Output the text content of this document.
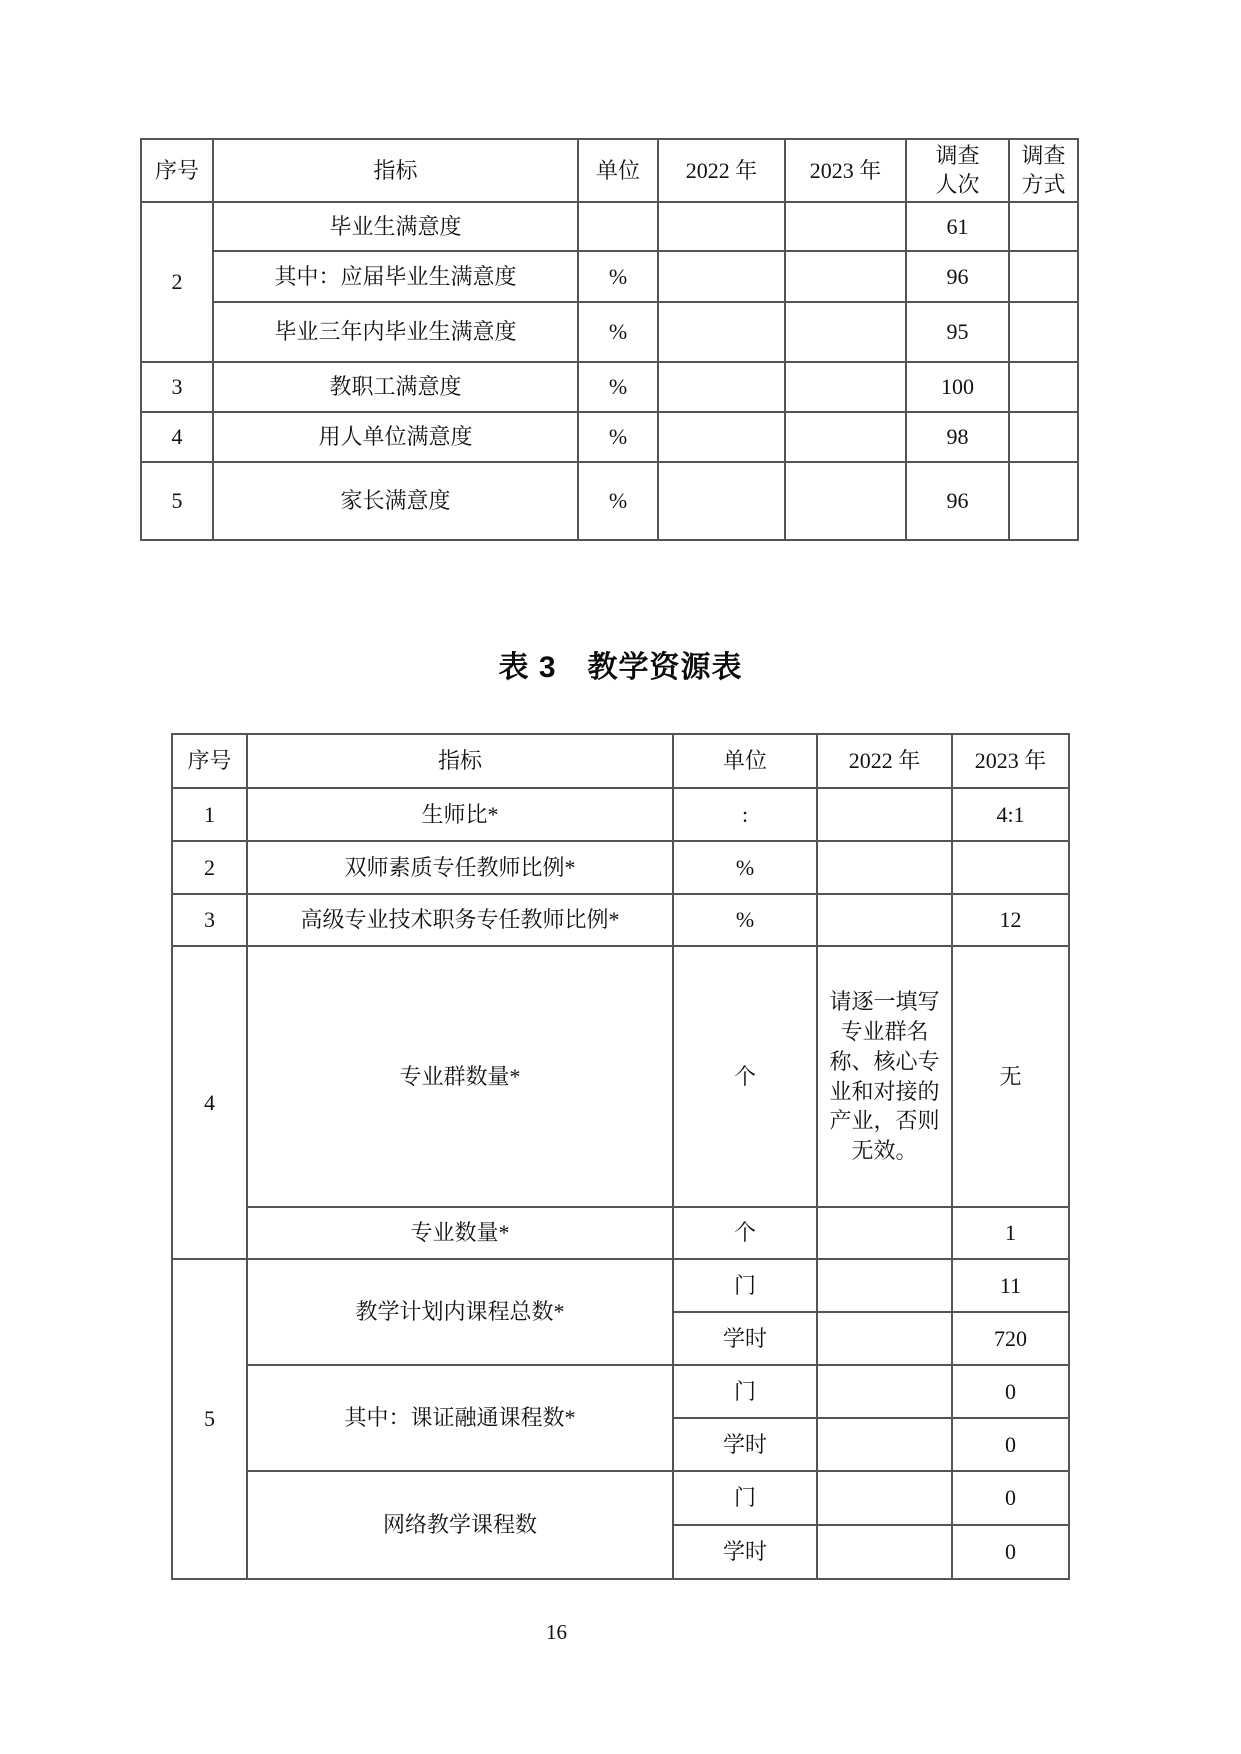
序号	指标	单位	2022 年	2023 年	调查人次	调查方式
2	毕业生满意度				61	
	其中：应届毕业生满意度	%			96	
	毕业三年内毕业生满意度	%			95	
3	教职工满意度	%			100	
4	用人单位满意度	%			98	
5	家长满意度	%			96	
表 3　教学资源表
序号	指标	单位	2022 年	2023 年
1	生师比*	:		4:1
2	双师素质专任教师比例*	%		
3	高级专业技术职务专任教师比例*	%		12
4	专业群数量*	个	请逐一填写专业群名称、核心专业和对接的产业，否则无效。	无
	专业数量*	个		1
5	教学计划内课程总数*	门		11
		学时		720
	其中：课证融通课程数*	门		0
		学时		0
	网络教学课程数	门		0
		学时		0
16
